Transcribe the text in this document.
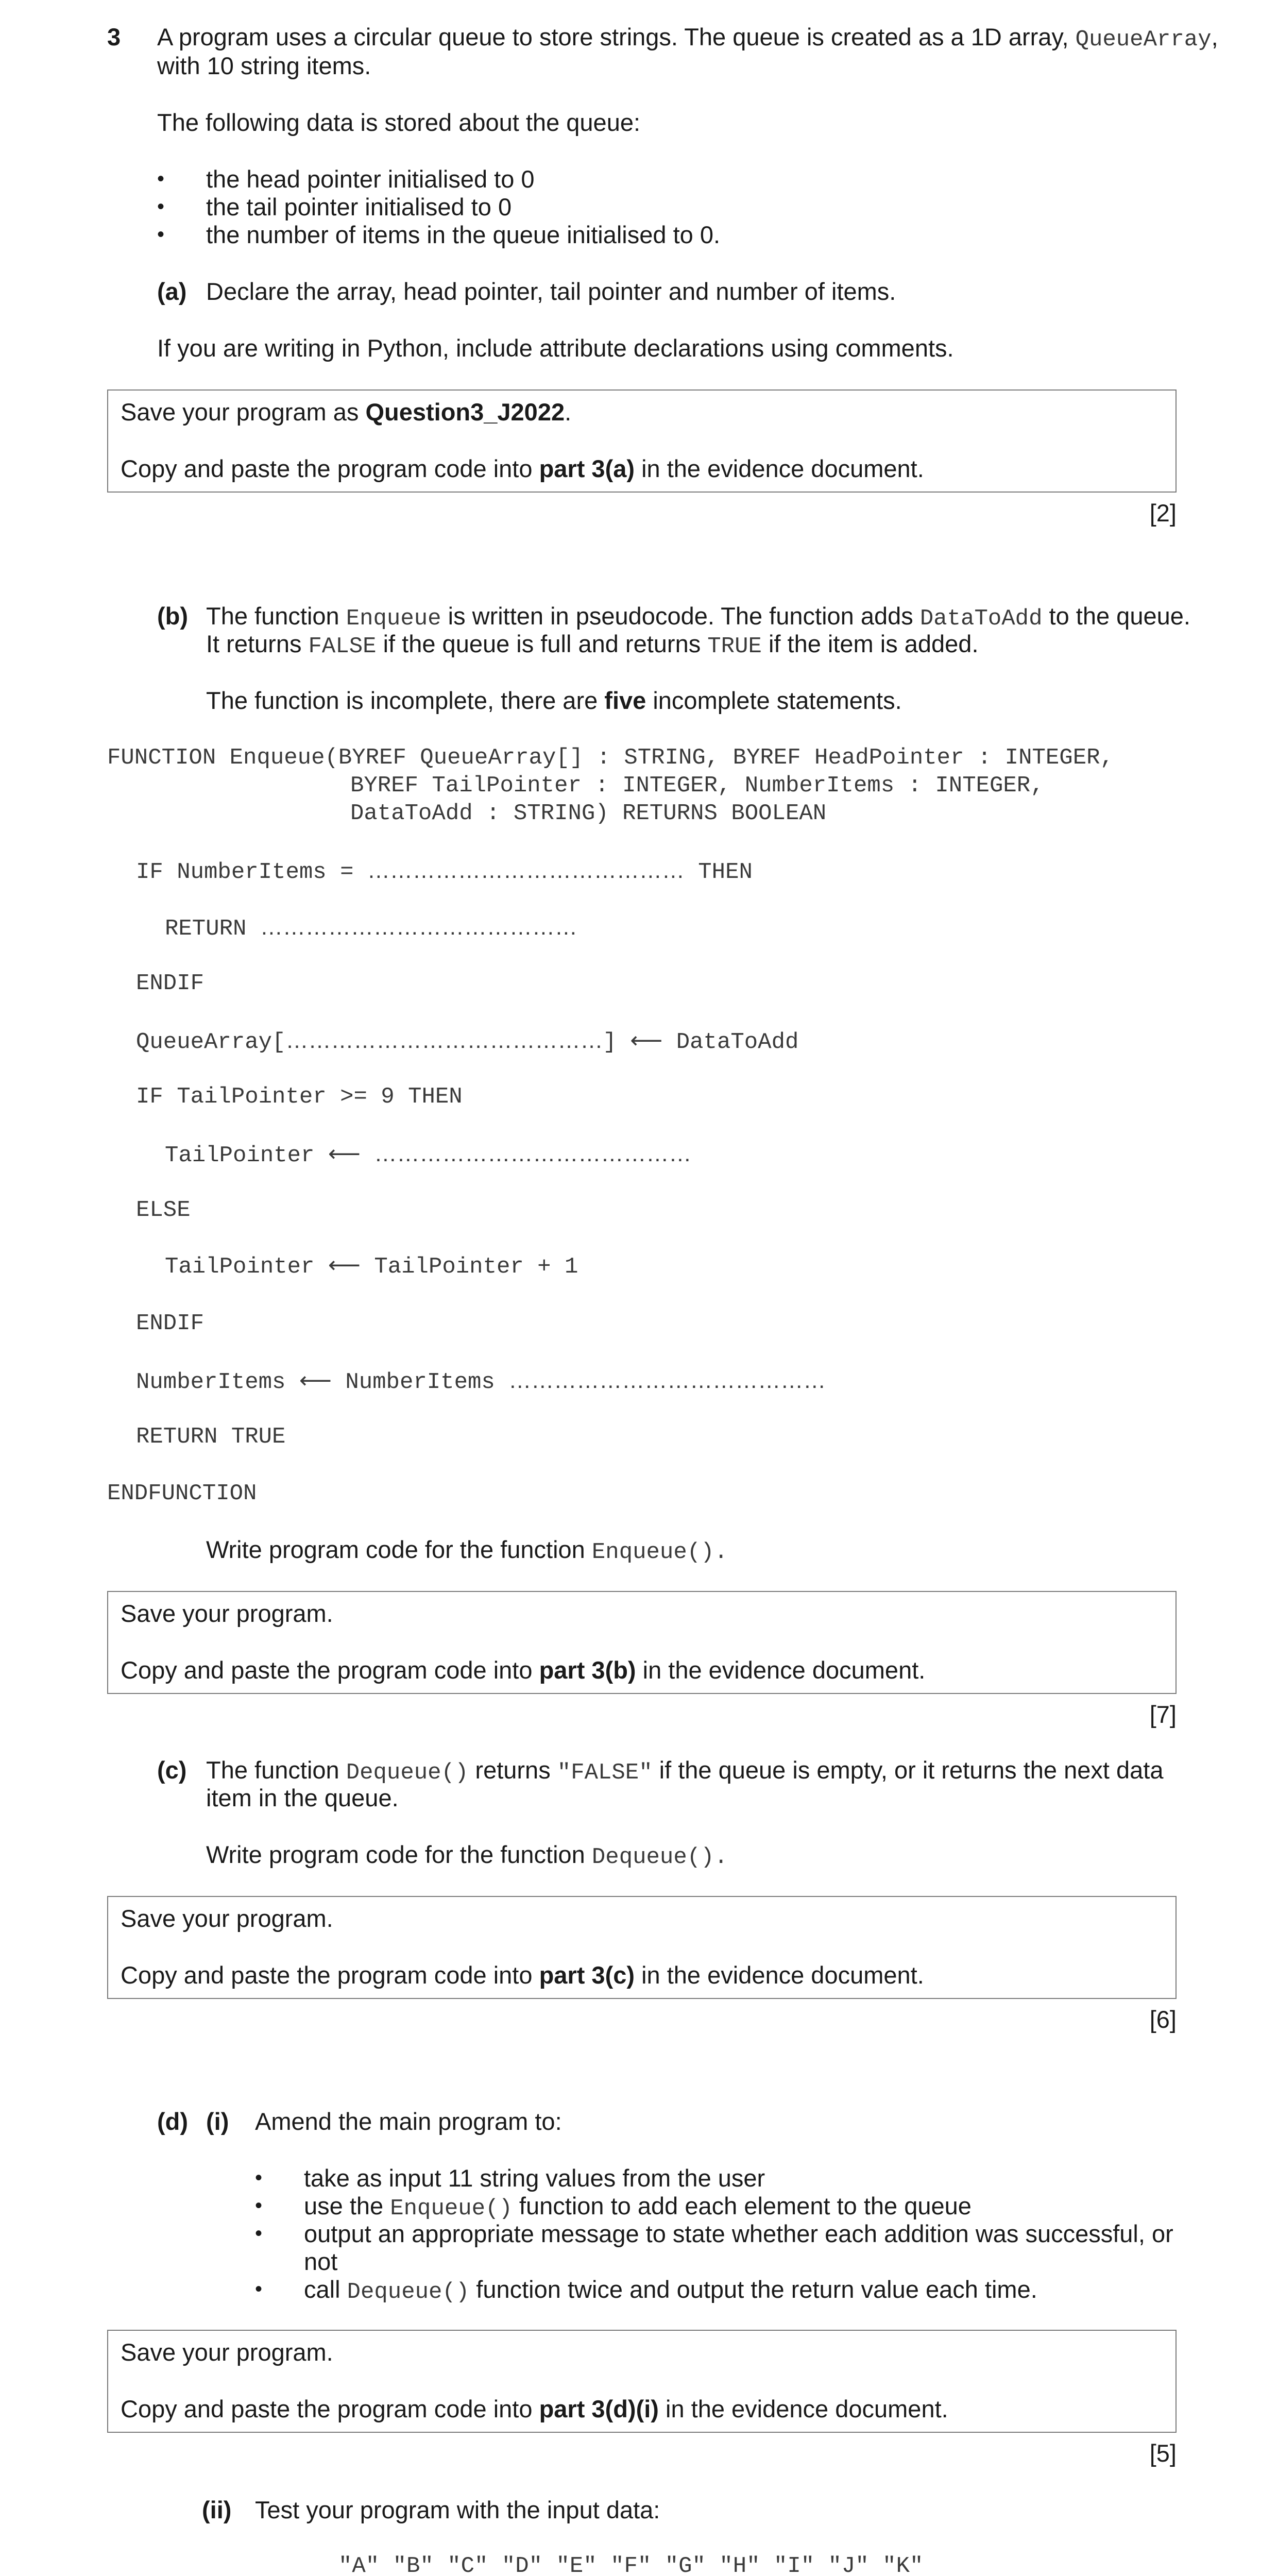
3 A program uses a circular queue to store strings. The queue is created as a 1D array, QueueArray,
with 10 string items.
The following data is stored about the queue:
• the head pointer initialised to 0
• the tail pointer initialised to 0
• the number of items in the queue initialised to 0.
(a) Declare the array, head pointer, tail pointer and number of items.
If you are writing in Python, include attribute declarations using comments.
Save your program as Question3_J2022.
Copy and paste the program code into part 3(a) in the evidence document.
[2]
(b) The function Enqueue is written in pseudocode. The function adds DataToAdd to the queue.
It returns FALSE if the queue is full and returns TRUE if the item is added.
The function is incomplete, there are five incomplete statements.
FUNCTION Enqueue(BYREF QueueArray[] : STRING, BYREF HeadPointer : INTEGER,
BYREF TailPointer : INTEGER, NumberItems : INTEGER,
DataToAdd : STRING) RETURNS BOOLEAN
IF NumberItems = …………………………………… THEN
RETURN ……………………………………
ENDIF
QueueArray[……………………………………] ⟵ DataToAdd
IF TailPointer >= 9 THEN
TailPointer ⟵ ……………………………………
ELSE
TailPointer ⟵ TailPointer + 1
ENDIF
NumberItems ⟵ NumberItems ……………………………………
RETURN TRUE
ENDFUNCTION
Write program code for the function Enqueue().
Save your program.
Copy and paste the program code into part 3(b) in the evidence document.
[7]
(c) The function Dequeue() returns "FALSE" if the queue is empty, or it returns the next data
item in the queue.
Write program code for the function Dequeue().
Save your program.
Copy and paste the program code into part 3(c) in the evidence document.
[6]
(d) (i) Amend the main program to:
• take as input 11 string values from the user
• use the Enqueue() function to add each element to the queue
• output an appropriate message to state whether each addition was successful, or
not
• call Dequeue() function twice and output the return value each time.
Save your program.
Copy and paste the program code into part 3(d)(i) in the evidence document.
[5]
(ii) Test your program with the input data:
"A" "B" "C" "D" "E" "F" "G" "H" "I" "J" "K"
